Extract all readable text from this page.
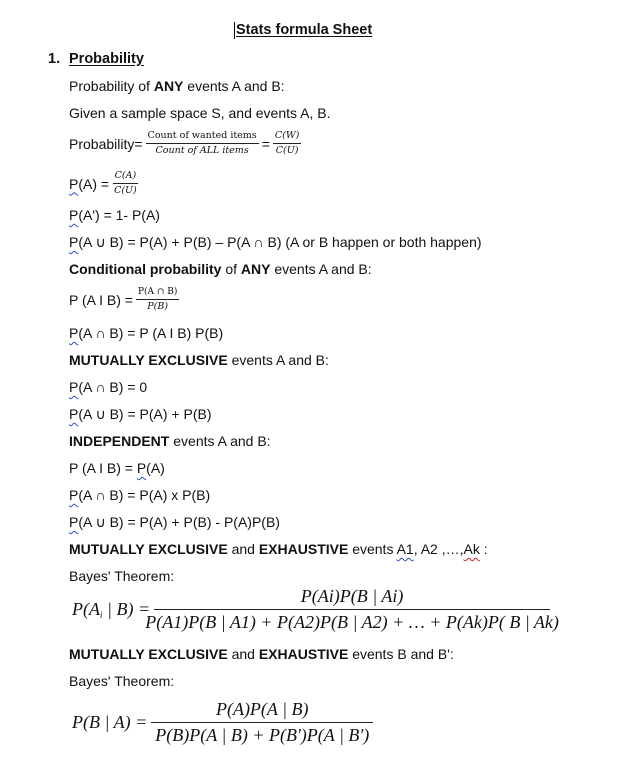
Stats formula Sheet
1. Probability
Probability of ANY events A and B:
Given a sample space S, and events A, B.
Probability= $\frac{\text{Count of wanted items}}{\text{Count of ALL items}} = \frac{C(W)}{C(U)}$
P $(A) = \frac{C(A)}{C(U)}$
P(A') = 1- P(A)
P(A ∪ B) = P(A) + P(B) – P(A ∩ B) (A or B happen or both happen)
Conditional probability of ANY events A and B:
P (A I $B) = \frac{P(A \cap B)}{P(B)}$
P(A ∩ B) = P (A I B) P(B)
MUTUALLY EXCLUSIVE events A and B:
P(A ∩ B) = 0
P(A ∪ B) = P(A) + P(B)
INDEPENDENT events A and B:
P (A I B) = P(A)
P(A ∩ B) = P(A) x P(B)
P(A ∪ B) = P(A) + P(B) - P(A)P(B)
MUTUALLY EXCLUSIVE and EXHAUSTIVE events A1, A2 ,…,Ak :
Bayes' Theorem:
$P(A_i$ | $B) = \frac{P(Ai)P(B | Ai)}{P(A1)P(B | A1) + P(A2)P(B | A2) + \dots + P(Ak)P( B | Ak)}$
MUTUALLY EXCLUSIVE and EXHAUSTIVE events B and B':
Bayes' Theorem:
P(B | $A) = \frac{P(A)P(A | B)}{P(B)P(A | B) + P(B')P(A | B')}$
